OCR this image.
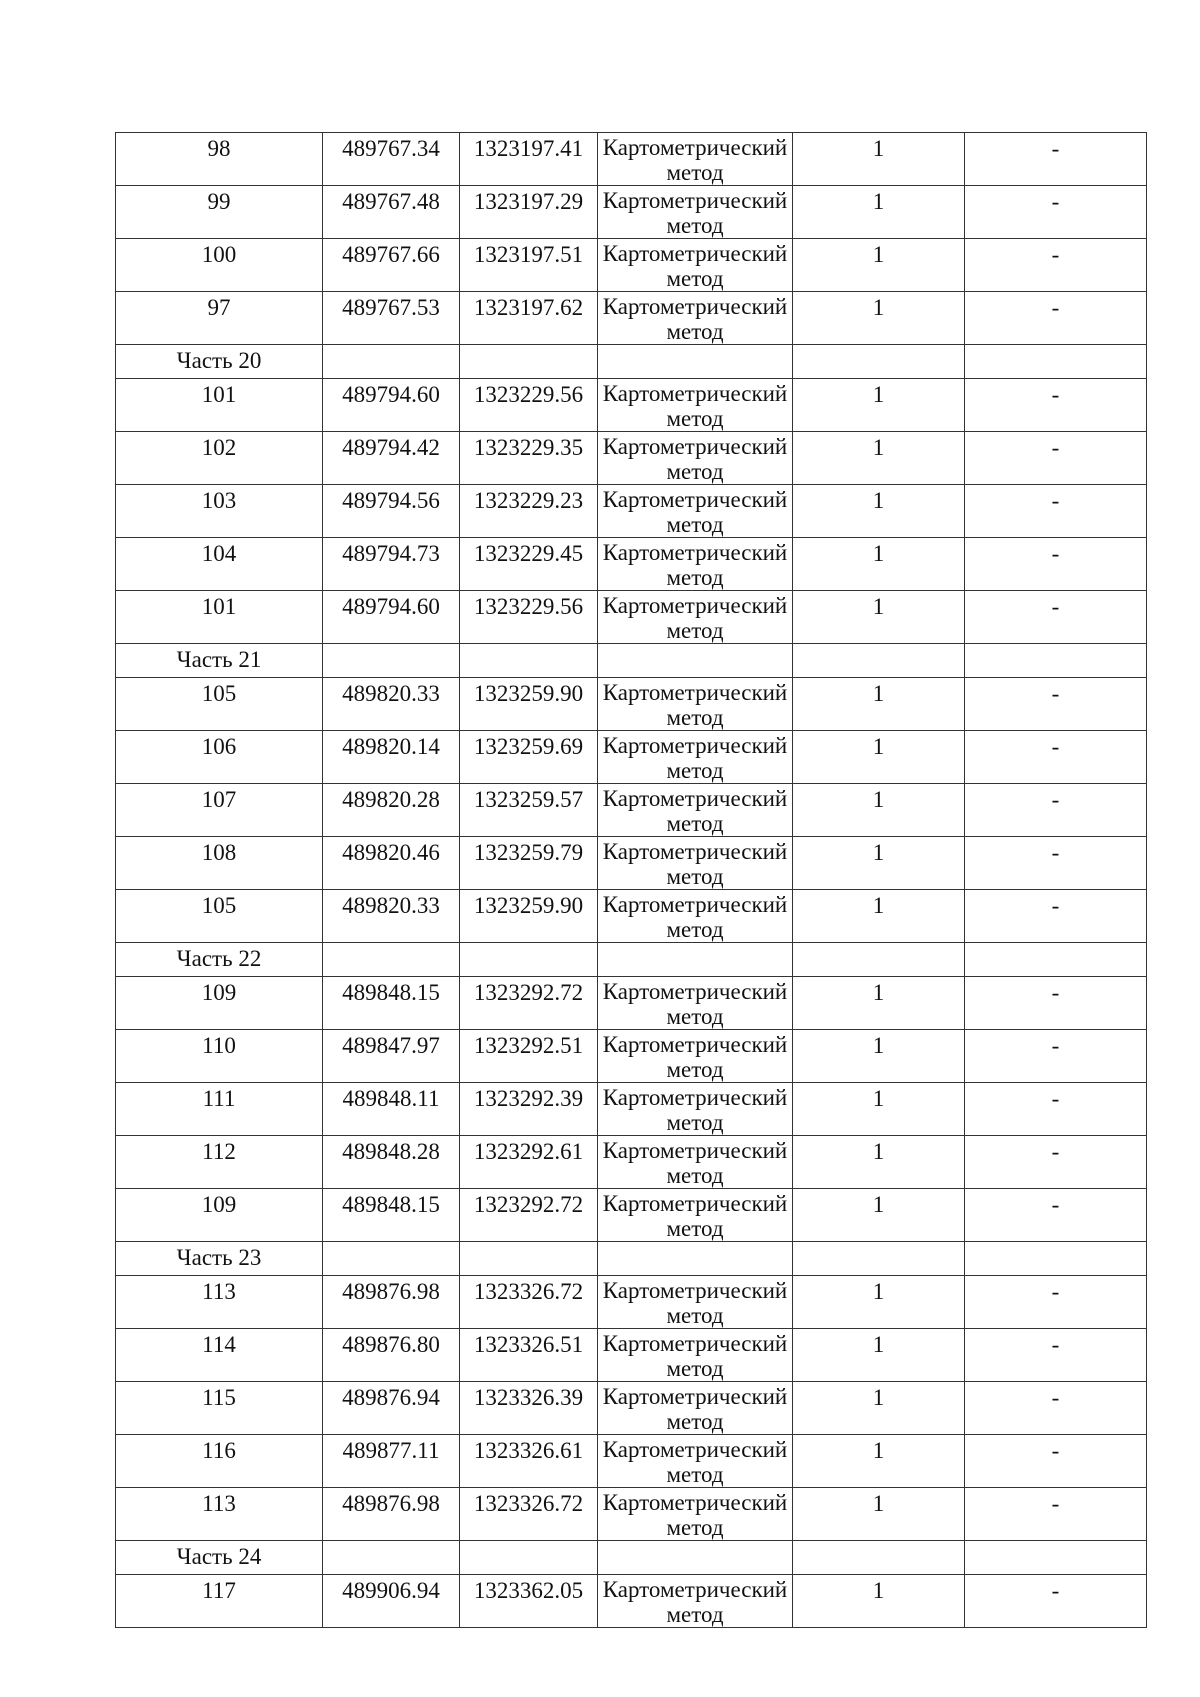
98	489767.34	1323197.41	Картометрический метод	1	-

99	489767.48	1323197.29	Картометрический метод	1	-

100	489767.66	1323197.51	Картометрический метод	1	-

97	489767.53	1323197.62	Картометрический метод	1	-

Часть 20					

101	489794.60	1323229.56	Картометрический метод	1	-

102	489794.42	1323229.35	Картометрический метод	1	-

103	489794.56	1323229.23	Картометрический метод	1	-

104	489794.73	1323229.45	Картометрический метод	1	-

101	489794.60	1323229.56	Картометрический метод	1	-

Часть 21					

105	489820.33	1323259.90	Картометрический метод	1	-

106	489820.14	1323259.69	Картометрический метод	1	-

107	489820.28	1323259.57	Картометрический метод	1	-

108	489820.46	1323259.79	Картометрический метод	1	-

105	489820.33	1323259.90	Картометрический метод	1	-

Часть 22					

109	489848.15	1323292.72	Картометрический метод	1	-

110	489847.97	1323292.51	Картометрический метод	1	-

111	489848.11	1323292.39	Картометрический метод	1	-

112	489848.28	1323292.61	Картометрический метод	1	-

109	489848.15	1323292.72	Картометрический метод	1	-

Часть 23					

113	489876.98	1323326.72	Картометрический метод	1	-

114	489876.80	1323326.51	Картометрический метод	1	-

115	489876.94	1323326.39	Картометрический метод	1	-

116	489877.11	1323326.61	Картометрический метод	1	-

113	489876.98	1323326.72	Картометрический метод	1	-

Часть 24					

117	489906.94	1323362.05	Картометрический метод	1	-
